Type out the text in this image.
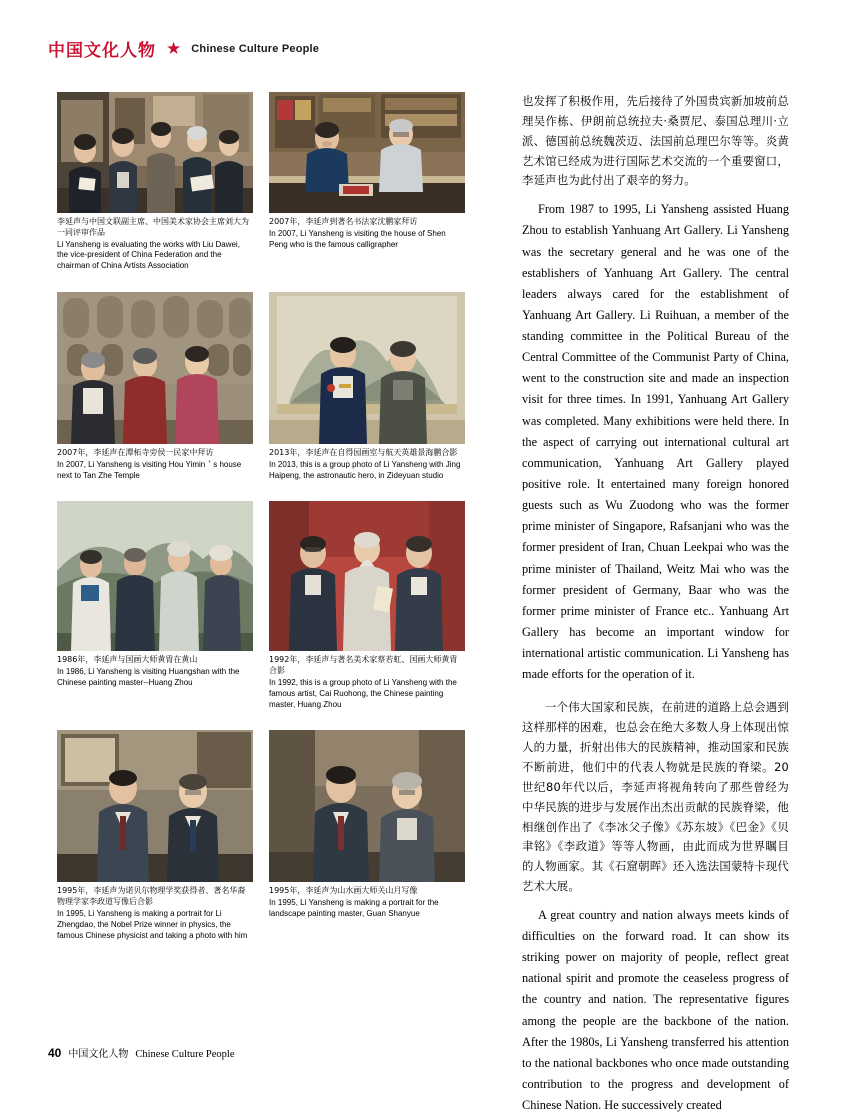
中国文化人物 ★ Chinese Culture People
李延声与中国文联副主席、中国美术家协会主席刘大为一同评审作品
Li Yansheng is evaluating the works with Liu Dawei, the vice-president of China Federation and the chairman of China Artists Association
2007年，李延声到著名书法家沈鹏家拜访
In 2007, Li Yansheng is visiting the house of Shen Peng who is the famous calligrapher
2007年，李延声在潭柘寺旁侯一民家中拜访
In 2007, Li Yansheng is visiting Hou Yimin＇s house next to Tan Zhe Temple
2013年，李延声在自得园画室与航天英雄景海鹏合影
In 2013, this is a group photo of Li Yansheng with Jing Haipeng, the astronautic hero, in Zideyuan studio
1986年，李延声与国画大师黄胄在黄山
In 1986, Li Yansheng is visiting Huangshan with the Chinese painting master--Huang Zhou
1992年，李延声与著名美术家蔡若虹、国画大师黄胄合影
In 1992, this is a group photo of Li Yansheng with the famous artist, Cai Ruohong, the Chinese painting master, Huang Zhou
1995年，李延声为诺贝尔物理学奖获得者、著名华裔物理学家李政道写像后合影
In 1995, Li Yansheng is making a portrait for Li Zhengdao, the Nobel Prize winner in physics, the famous Chinese physicist and taking a photo with him
1995年，李延声为山水画大师关山月写像
In 1995, Li Yansheng is making a portrait for the landscape painting master, Guan Shanyue

也发挥了积极作用，先后接待了外国贵宾新加坡前总理吴作栋、伊朗前总统拉夫·桑贾尼、泰国总理川·立派、德国前总统魏茨迈、法国前总理巴尔等等。炎黄艺术馆已经成为进行国际艺术交流的一个重要窗口，李延声也为此付出了艰辛的努力。

From 1987 to 1995, Li Yansheng assisted Huang Zhou to establish Yanhuang Art Gallery. Li Yansheng was the secretary general and he was one of the establishers of Yanhuang Art Gallery. The central leaders always cared for the establishment of Yanhuang Art Gallery. Li Ruihuan, a member of the standing committee in the Political Bureau of the Central Committee of the Communist Party of China, went to the construction site and made an inspection visit for three times. In 1991, Yanhuang Art Gallery was completed. Many exhibitions were held there. In the aspect of carrying out international cultural art communication, Yanhuang Art Gallery played positive role. It entertained many foreign honored guests such as Wu Zuodong who was the former prime minister of Singapore, Rafsanjani who was the former president of Iran, Chuan Leekpai who was the prime minister of Thailand, Weitz Mai who was the former president of Germany, Baar who was the former prime minister of France etc.. Yanhuang Art Gallery has become an important window for international artistic communication. Li Yansheng has made efforts for the operation of it.

一个伟大国家和民族，在前进的道路上总会遇到这样那样的困难，也总会在绝大多数人身上体现出惊人的力量，折射出伟大的民族精神，推动国家和民族不断前进，他们中的代表人物就是民族的脊梁。20世纪80年代以后，李延声将视角转向了那些曾经为中华民族的进步与发展作出杰出贡献的民族脊梁，他相继创作出了《李冰父子像》《苏东坡》《巴金》《贝聿铭》《李政道》等等人物画，由此而成为世界瞩目的人物画家。其《石窟朝晖》还入选法国蒙特卡现代艺术大展。

A great country and nation always meets kinds of difficulties on the forward road. It can show its striking power on majority of people, reflect great national spirit and promote the ceaseless progress of the country and nation. The representative figures among the people are the backbone of the nation. After the 1980s, Li Yansheng transferred his attention to the national backbones who once made outstanding contribution to the progress and development of Chinese Nation. He successively created

40 中国文化人物 Chinese Culture People
